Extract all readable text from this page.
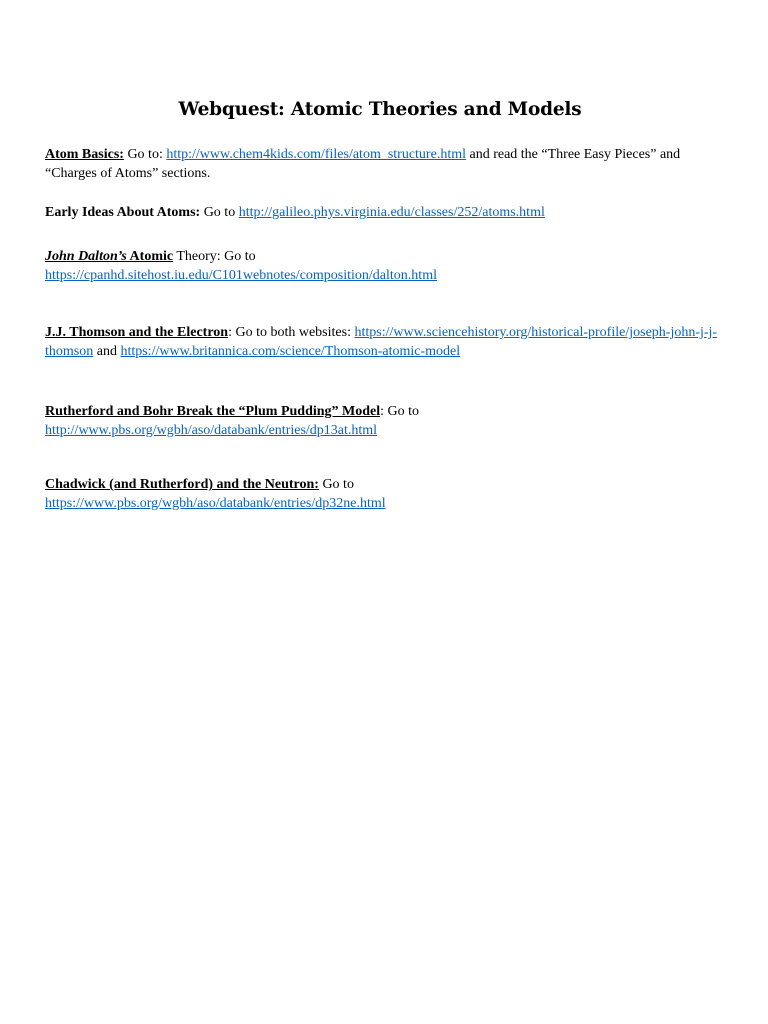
Webquest: Atomic Theories and Models
Atom Basics: Go to: http://www.chem4kids.com/files/atom_structure.html and read the “Three Easy Pieces” and “Charges of Atoms” sections.
Early Ideas About Atoms: Go to http://galileo.phys.virginia.edu/classes/252/atoms.html
John Dalton’s Atomic Theory: Go to
https://cpanhd.sitehost.iu.edu/C101webnotes/composition/dalton.html
J.J. Thomson and the Electron: Go to both websites: https://www.sciencehistory.org/historical-profile/joseph-john-j-j-thomson and https://www.britannica.com/science/Thomson-atomic-model
Rutherford and Bohr Break the “Plum Pudding” Model: Go to
http://www.pbs.org/wgbh/aso/databank/entries/dp13at.html
Chadwick (and Rutherford) and the Neutron: Go to
https://www.pbs.org/wgbh/aso/databank/entries/dp32ne.html
